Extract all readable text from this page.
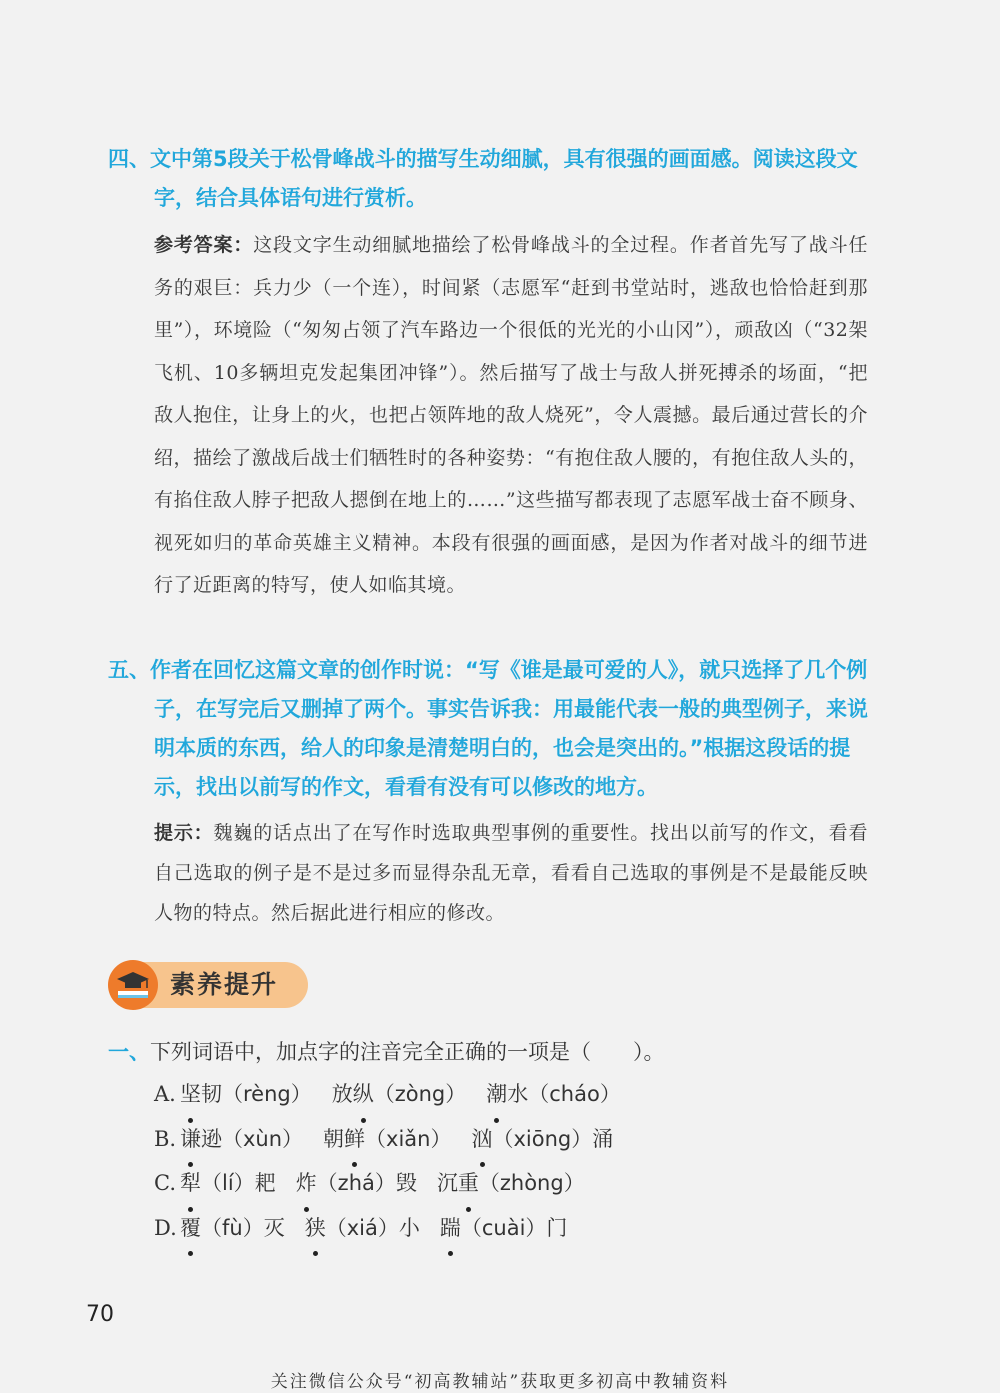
四、文中第5段关于松骨峰战斗的描写生动细腻，具有很强的画面感。阅读这段文字，结合具体语句进行赏析。

参考答案：这段文字生动细腻地描绘了松骨峰战斗的全过程。作者首先写了战斗任务的艰巨：兵力少（一个连），时间紧（志愿军“赶到书堂站时，逃敌也恰恰赶到那里”），环境险（“匆匆占领了汽车路边一个很低的光光的小山冈”），顽敌凶（“32架飞机、10多辆坦克发起集团冲锋”）。然后描写了战士与敌人拼死搏杀的场面，“把敌人抱住，让身上的火，也把占领阵地的敌人烧死”，令人震撼。最后通过营长的介绍，描绘了激战后战士们牺牲时的各种姿势：“有抱住敌人腰的，有抱住敌人头的，有掐住敌人脖子把敌人摁倒在地上的……”这些描写都表现了志愿军战士奋不顾身、视死如归的革命英雄主义精神。本段有很强的画面感，是因为作者对战斗的细节进行了近距离的特写，使人如临其境。

五、作者在回忆这篇文章的创作时说：“写《谁是最可爱的人》，就只选择了几个例子，在写完后又删掉了两个。事实告诉我：用最能代表一般的典型例子，来说明本质的东西，给人的印象是清楚明白的，也会是突出的。”根据这段话的提示，找出以前写的作文，看看有没有可以修改的地方。

提示：魏巍的话点出了在写作时选取典型事例的重要性。找出以前写的作文，看看自己选取的例子是不是过多而显得杂乱无章，看看自己选取的事例是不是最能反映人物的特点。然后据此进行相应的修改。
素养提升

一、下列词语中，加点字的注音完全正确的一项是（　　）。

A. 坚韧（rèng） 放纵（zòng） 潮水（cháo）
B. 谦逊（xùn） 朝鲜（xiǎn） 汹（xiōng）涌
C. 犁（lí）耙 炸（zhá）毁 沉重（zhòng）
D. 覆（fù）灭 狭（xiá）小 踹（cuài）门
70
关注微信公众号“初高教辅站”获取更多初高中教辅资料
